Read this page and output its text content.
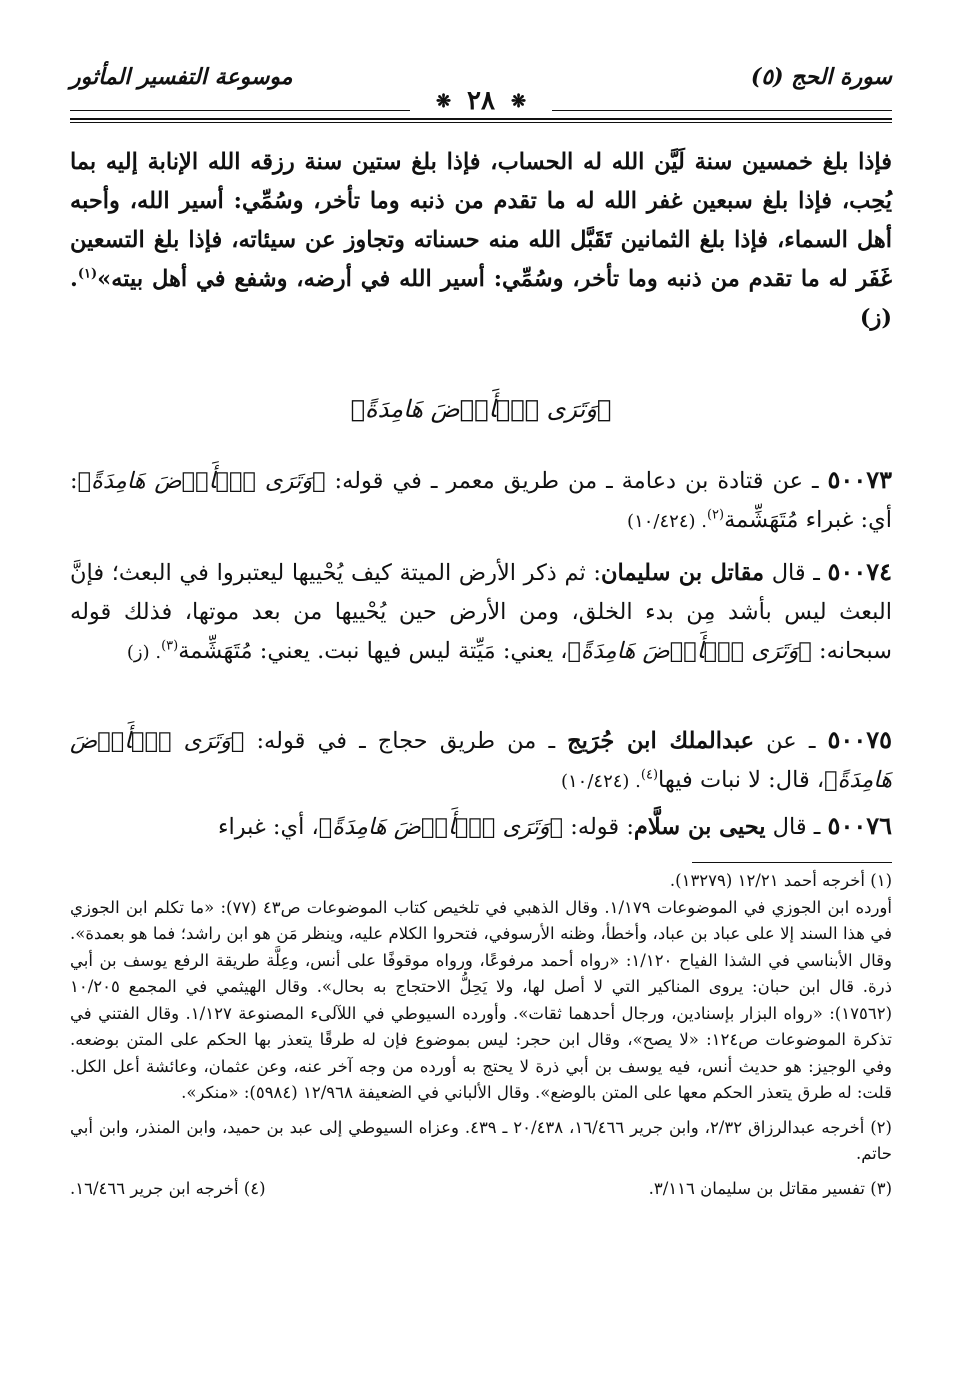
سورة الحج (٥)
❋ ٢٨ ❋
موسوعة التفسير المأثور
فإذا بلغ خمسين سنة لَيَّن الله له الحساب، فإذا بلغ ستين سنة رزقه الله الإنابة إليه بما يُحِب، فإذا بلغ سبعين غفر الله له ما تقدم من ذنبه وما تأخر، وسُمِّي: أسير الله، وأحبه أهل السماء، فإذا بلغ الثمانين تَقَبَّل الله منه حسناته وتجاوز عن سيئاته، فإذا بلغ التسعين غَفَر له ما تقدم من ذنبه وما تأخر، وسُمِّي: أسير الله في أرضه، وشفع في أهل بيته»$^{(١)}$. (ز)
﴿وَتَرَى ٱلۡأَرۡضَ هَامِدَةً﴾
٥٠٠٧٣ ـ عن قتادة بن دعامة ـ من طريق معمر ـ في قوله: ﴿وَتَرَى ٱلۡأَرۡضَ هَامِدَةً﴾: أي: غبراء مُتَهَشِّمة$^{(٢)}$. (١٠/٤٢٤)
٥٠٠٧٤ ـ قال مقاتل بن سليمان: ثم ذكر الأرض الميتة كيف يُحْييها ليعتبروا في البعث؛ فإنَّ البعث ليس بأشد مِن بدء الخلق، ومن الأرض حين يُحْييها من بعد موتها، فذلك قوله سبحانه: ﴿وَتَرَى ٱلۡأَرۡضَ هَامِدَةً﴾، يعني: مَيِّتة ليس فيها نبت. يعني: مُتَهَشِّمة$^{(٣)}$. (ز)
٥٠٠٧٥ ـ عن عبدالملك ابن جُرَيج ـ من طريق حجاج ـ في قوله: ﴿وَتَرَى ٱلۡأَرۡضَ هَامِدَةً﴾، قال: لا نبات فيها$^{(٤)}$. (١٠/٤٢٤)
٥٠٠٧٦ ـ قال يحيى بن سلَّام: قوله: ﴿وَتَرَى ٱلۡأَرۡضَ هَامِدَةً﴾، أي: غبراء
(١) أخرجه أحمد ١٢/٢١ (١٣٢٧٩).
أورده ابن الجوزي في الموضوعات ١/١٧٩. وقال الذهبي في تلخيص كتاب الموضوعات ص٤٣ (٧٧): «ما تكلم ابن الجوزي في هذا السند إلا على عباد بن عباد، وأخطأ، وظنه الأرسوفي، فتحروا الكلام عليه، وينظر مَن هو ابن راشد؛ فما هو بعمدة». وقال الأبناسي في الشذا الفياح ١/١٢٠: «رواه أحمد مرفوعًا، ورواه موقوفًا على أنس، وعِلَّة طريقة الرفع يوسف بن أبي ذرة. قال ابن حبان: يروى المناكير التي لا أصل لها، ولا يَحِلُّ الاحتجاج به بحال». وقال الهيثمي في المجمع ١٠/٢٠٥ (١٧٥٦٢): «رواه البزار بإسنادين، ورجال أحدهما ثقات». وأورده السيوطي في اللآلىء المصنوعة ١/١٢٧. وقال الفتني في تذكرة الموضوعات ص١٢٤: «لا يصح»، وقال ابن حجر: ليس بموضوع فإن له طرقًا يتعذر بها الحكم على المتن بوضعه. وفي الوجيز: هو حديث أنس، فيه يوسف بن أبي ذرة لا يحتج به أورده من وجه آخر عنه، وعن عثمان، وعائشة أعل الكل. قلت: له طرق يتعذر الحكم معها على المتن بالوضع». وقال الألباني في الضعيفة ١٢/٩٦٨ (٥٩٨٤): «منكر».
(٢) أخرجه عبدالرزاق ٢/٣٢، وابن جرير ١٦/٤٦٦، ٢٠/٤٣٨ ـ ٤٣٩. وعزاه السيوطي إلى عبد بن حميد، وابن المنذر، وابن أبي حاتم.
(٣) تفسير مقاتل بن سليمان ٣/١١٦.
(٤) أخرجه ابن جرير ١٦/٤٦٦.
